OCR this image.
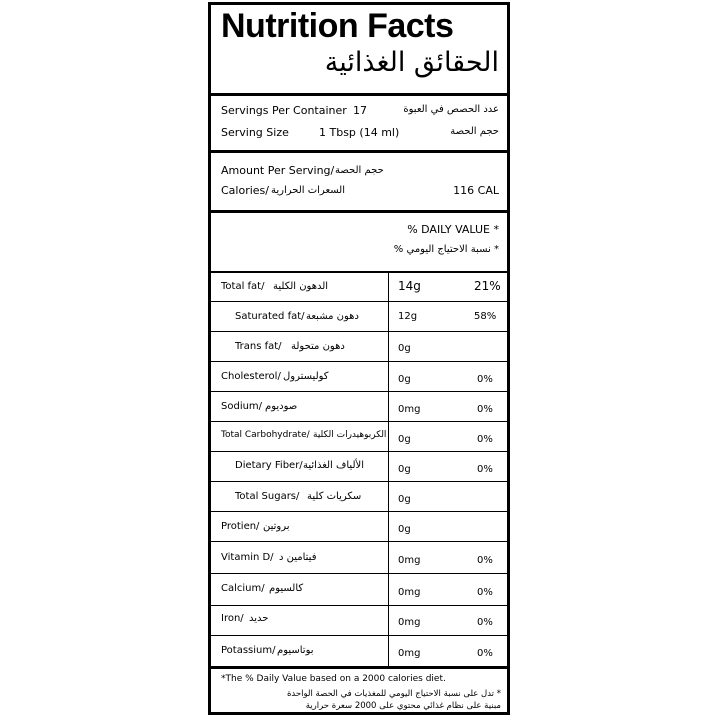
Nutrition Facts
الحقائق الغذائية
Servings Per Container 17	عدد الحصص في العبوة
Serving Size	1 Tbsp (14 ml)	حجم الحصة
Amount Per Serving/ حجم الحصة
Calories/ السعرات الحرارية	116 CAL
% DAILY VALUE *
* نسبة الاحتياج اليومي %
Total fat/ الدهون الكلية	14g	21%
Saturated fat/ دهون مشبعة	12g	58%
Trans fat/ دهون متحولة	0g
Cholesterol/ كوليسترول	0g	0%
Sodium/ صوديوم	0mg	0%
Total Carbohydrate/ الكربوهيدرات الكلية 0g	0%
Dietary Fiber/ الألياف الغذائية	0g	0%
Total Sugars/ سكريات كلية	0g
Protien/ بروتين	0g
Vitamin D/ فيتامين د	0mg	0%
Calcium/ كالسيوم	0mg	0%
Iron/ حديد	0mg	0%
Potassium/ بوتاسيوم	0mg	0%
*The % Daily Value based on a 2000 calories diet.
* تدل على نسبة الاحتياج اليومي للمغذيات في الحصة الواحدة
مبنية على نظام غذائي محتوي على 2000 سعرة حرارية
